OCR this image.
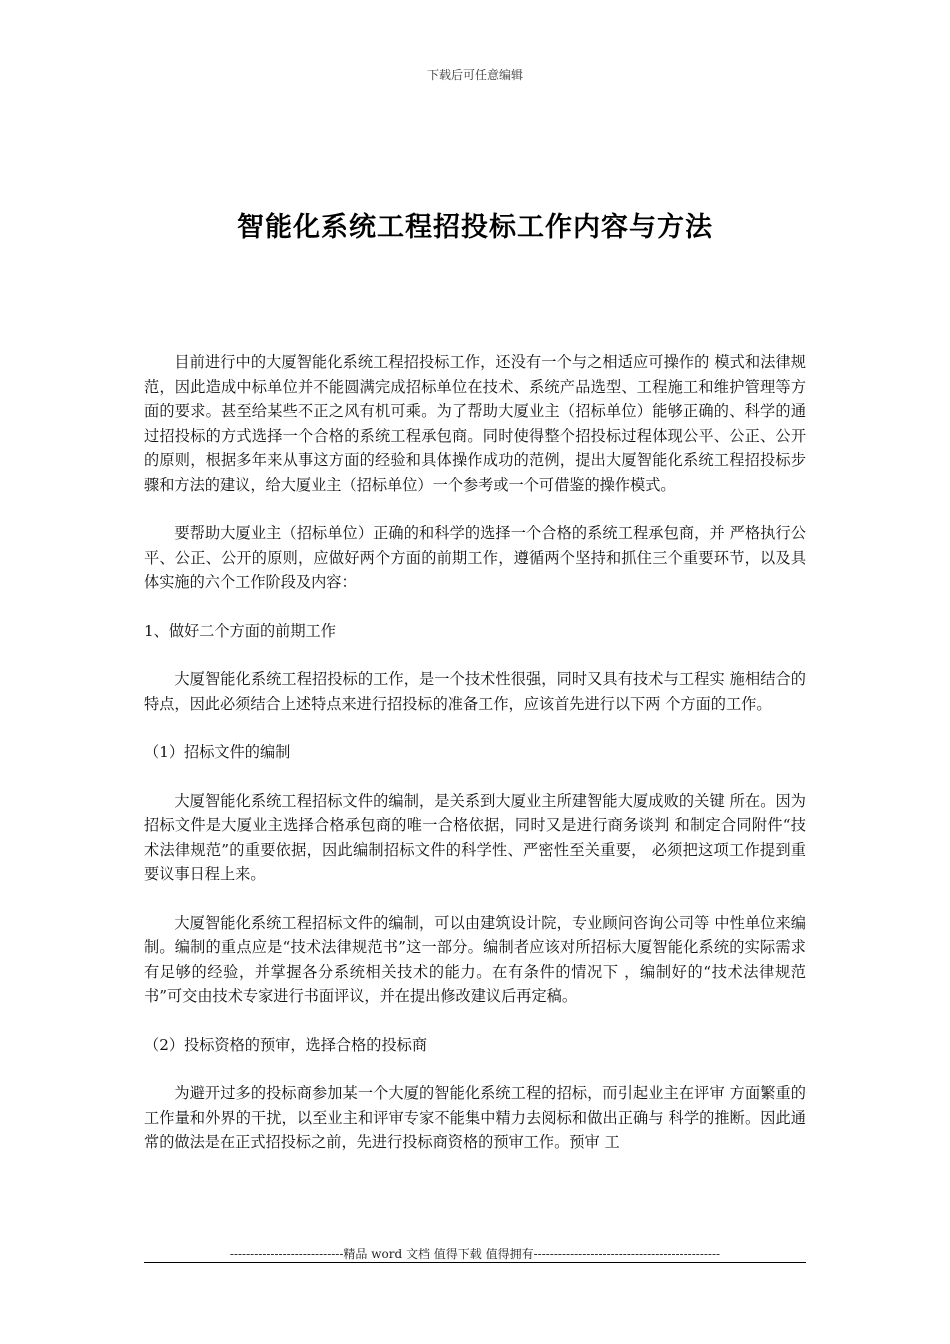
下载后可任意编辑
智能化系统工程招投标工作内容与方法

目前进行中的大厦智能化系统工程招投标工作，还没有一个与之相适应可操作的 模式和法律规范，因此造成中标单位并不能圆满完成招标单位在技术、系统产品选型、工程施工和维护管理等方面的要求。甚至给某些不正之风有机可乘。为了帮助大厦业主（招标单位）能够正确的、科学的通过招投标的方式选择一个合格的系统工程承包商。同时使得整个招投标过程体现公平、公正、公开的原则，根据多年来从事这方面的经验和具体操作成功的范例，提出大厦智能化系统工程招投标步骤和方法的建议，给大厦业主（招标单位）一个参考或一个可借鉴的操作模式。

要帮助大厦业主（招标单位）正确的和科学的选择一个合格的系统工程承包商，并 严格执行公平、公正、公开的原则，应做好两个方面的前期工作，遵循两个坚持和抓住三个重要环节，以及具体实施的六个工作阶段及内容：

1、做好二个方面的前期工作

大厦智能化系统工程招投标的工作，是一个技术性很强，同时又具有技术与工程实 施相结合的特点，因此必须结合上述特点来进行招投标的准备工作，应该首先进行以下两 个方面的工作。

（1）招标文件的编制

大厦智能化系统工程招标文件的编制，是关系到大厦业主所建智能大厦成败的关键 所在。因为招标文件是大厦业主选择合格承包商的唯一合格依据，同时又是进行商务谈判 和制定合同附件“技术法律规范”的重要依据，因此编制招标文件的科学性、严密性至关重要， 必须把这项工作提到重要议事日程上来。

大厦智能化系统工程招标文件的编制，可以由建筑设计院，专业顾问咨询公司等 中性单位来编制。编制的重点应是“技术法律规范书”这一部分。编制者应该对所招标大厦智能化系统的实际需求有足够的经验，并掌握各分系统相关技术的能力。在有条件的情况下 ，编制好的“技术法律规范书”可交由技术专家进行书面评议，并在提出修改建议后再定稿。

（2）投标资格的预审，选择合格的投标商

为避开过多的投标商参加某一个大厦的智能化系统工程的招标，而引起业主在评审 方面繁重的工作量和外界的干扰，以至业主和评审专家不能集中精力去阅标和做出正确与 科学的推断。因此通常的做法是在正式招投标之前，先进行投标商资格的预审工作。预审 工

----------------------------精品 word 文档 值得下载 值得拥有----------------------------------------------
